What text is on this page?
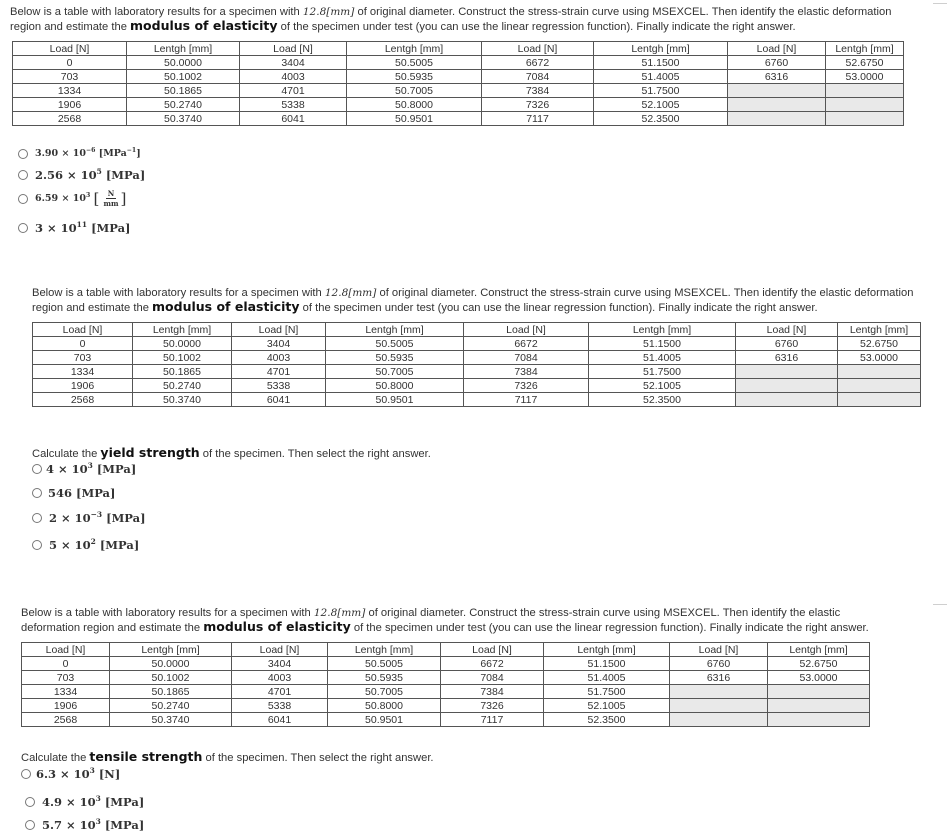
Below is a table with laboratory results for a specimen with 12.8[mm] of original diameter. Construct the stress-strain curve using MSEXCEL. Then identify the elastic deformation region and estimate the modulus of elasticity of the specimen under test (you can use the linear regression function). Finally indicate the right answer.
Load [N]	Lentgh [mm]	Load [N]	Lentgh [mm]	Load [N]	Lentgh [mm]	Load [N]	Lentgh [mm]
0	50.0000	3404	50.5005	6672	51.1500	6760	52.6750
703	50.1002	4003	50.5935	7084	51.4005	6316	53.0000
1334	50.1865	4701	50.7005	7384	51.7500		
1906	50.2740	5338	50.8000	7326	52.1005		
2568	50.3740	6041	50.9501	7117	52.3500		
$3.90 \times 10^{-6}$ [MPa$^{-1}$]
$2.56 \times 10^5$ [MPa]
$6.59 \times 10^3$ [ $\frac{N}{mm}$ ]
$3 \times 10^{11}$ [MPa]
Below is a table with laboratory results for a specimen with 12.8[mm] of original diameter. Construct the stress-strain curve using MSEXCEL. Then identify the elastic deformation region and estimate the modulus of elasticity of the specimen under test (you can use the linear regression function). Finally indicate the right answer.
Load [N]	Lentgh [mm]	Load [N]	Lentgh [mm]	Load [N]	Lentgh [mm]	Load [N]	Lentgh [mm]
0	50.0000	3404	50.5005	6672	51.1500	6760	52.6750
703	50.1002	4003	50.5935	7084	51.4005	6316	53.0000
1334	50.1865	4701	50.7005	7384	51.7500		
1906	50.2740	5338	50.8000	7326	52.1005		
2568	50.3740	6041	50.9501	7117	52.3500		
Calculate the yield strength of the specimen. Then select the right answer.
$4 \times 10^3$ [MPa]
546 [MPa]
$2 \times 10^{-3}$ [MPa]
$5 \times 10^2$ [MPa]
Below is a table with laboratory results for a specimen with 12.8[mm] of original diameter. Construct the stress-strain curve using MSEXCEL. Then identify the elastic deformation region and estimate the modulus of elasticity of the specimen under test (you can use the linear regression function). Finally indicate the right answer.
Load [N]	Lentgh [mm]	Load [N]	Lentgh [mm]	Load [N]	Lentgh [mm]	Load [N]	Lentgh [mm]
0	50.0000	3404	50.5005	6672	51.1500	6760	52.6750
703	50.1002	4003	50.5935	7084	51.4005	6316	53.0000
1334	50.1865	4701	50.7005	7384	51.7500		
1906	50.2740	5338	50.8000	7326	52.1005		
2568	50.3740	6041	50.9501	7117	52.3500		
Calculate the tensile strength of the specimen. Then select the right answer.
$6.3 \times 10^3$ [N]
$4.9 \times 10^3$ [MPa]
$5.7 \times 10^3$ [MPa]
